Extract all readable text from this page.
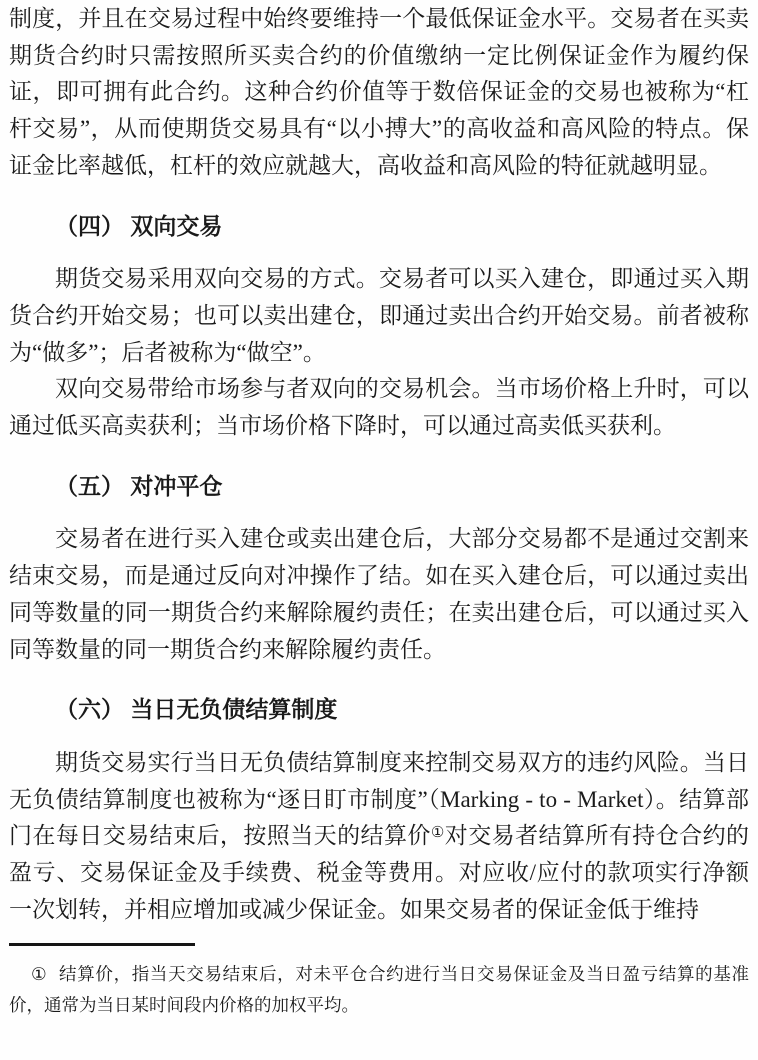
制度，并且在交易过程中始终要维持一个最低保证金水平。交易者在买卖期货合约时只需按照所买卖合约的价值缴纳一定比例保证金作为履约保证，即可拥有此合约。这种合约价值等于数倍保证金的交易也被称为“杠杆交易”，从而使期货交易具有“以小搏大”的高收益和高风险的特点。保证金比率越低，杠杆的效应就越大，高收益和高风险的特征就越明显。

（四） 双向交易

期货交易采用双向交易的方式。交易者可以买入建仓，即通过买入期货合约开始交易；也可以卖出建仓，即通过卖出合约开始交易。前者被称为“做多”；后者被称为“做空”。

双向交易带给市场参与者双向的交易机会。当市场价格上升时，可以通过低买高卖获利；当市场价格下降时，可以通过高卖低买获利。

（五） 对冲平仓

交易者在进行买入建仓或卖出建仓后，大部分交易都不是通过交割来结束交易，而是通过反向对冲操作了结。如在买入建仓后，可以通过卖出同等数量的同一期货合约来解除履约责任；在卖出建仓后，可以通过买入同等数量的同一期货合约来解除履约责任。

（六） 当日无负债结算制度

期货交易实行当日无负债结算制度来控制交易双方的违约风险。当日无负债结算制度也被称为“逐日盯市制度”（Marking - to - Market）。结算部门在每日交易结束后，按照当天的结算价①对交易者结算所有持仓合约的盈亏、交易保证金及手续费、税金等费用。对应收/应付的款项实行净额一次划转，并相应增加或减少保证金。如果交易者的保证金低于维持

① 结算价，指当天交易结束后，对未平仓合约进行当日交易保证金及当日盈亏结算的基准价，通常为当日某时间段内价格的加权平均。
